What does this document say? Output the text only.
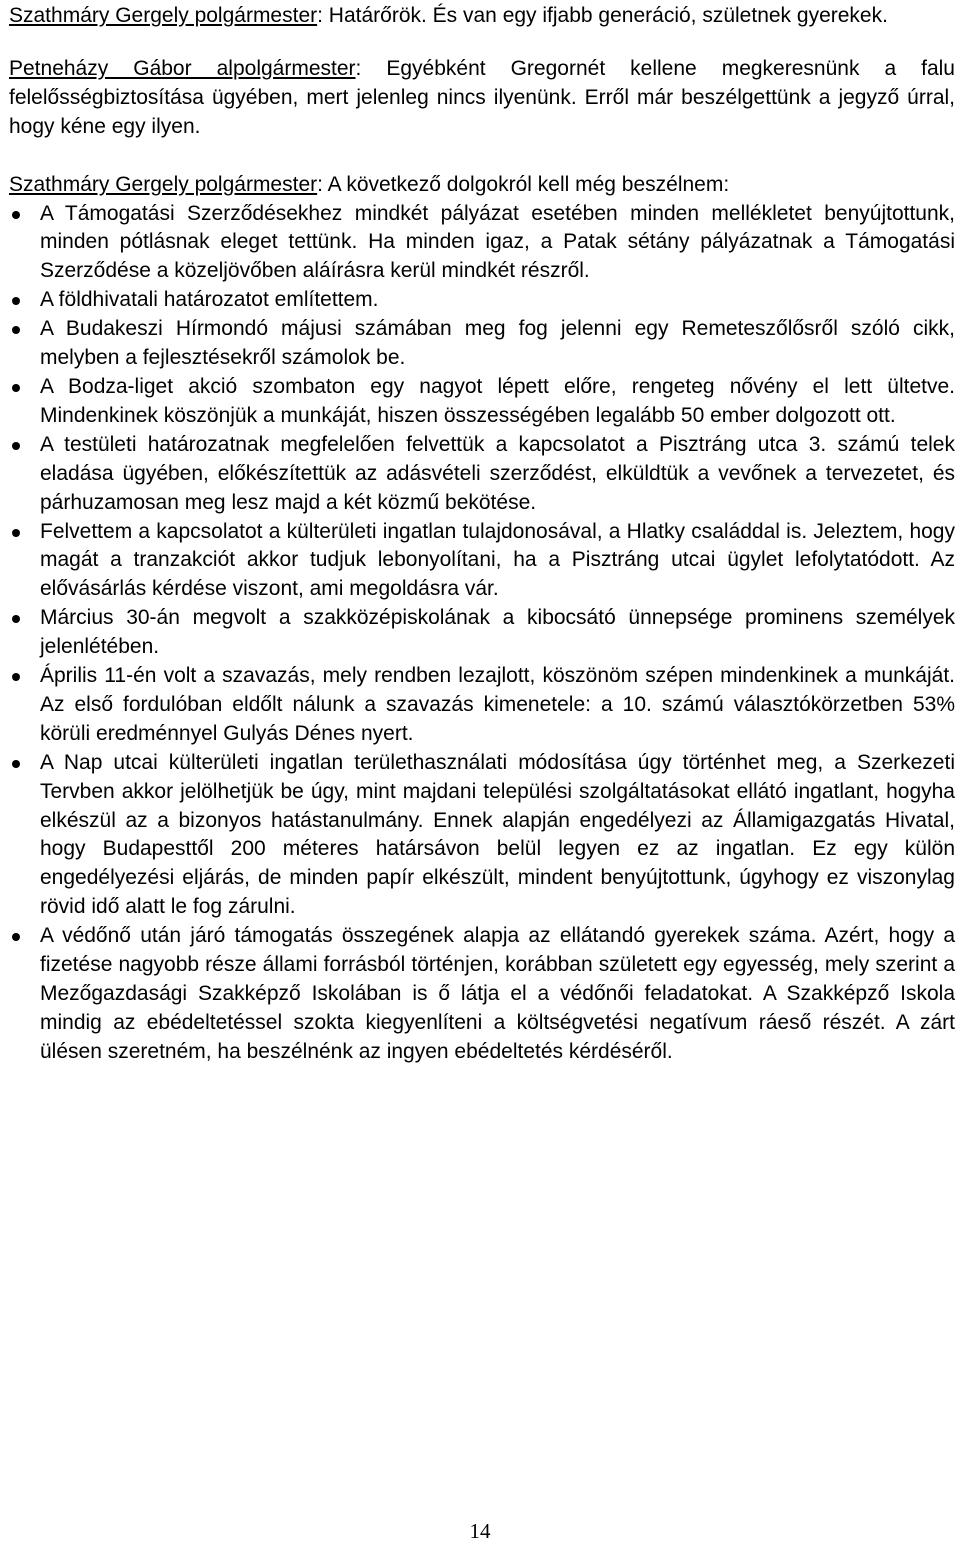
Szathmáry Gergely polgármester: Határőrök. És van egy ifjabb generáció, születnek gyerekek.

Petneházy Gábor alpolgármester: Egyébként Gregornét kellene megkeresnünk a falu felelősségbiztosítása ügyében, mert jelenleg nincs ilyenünk. Erről már beszélgettünk a jegyző úrral, hogy kéne egy ilyen.

Szathmáry Gergely polgármester: A következő dolgokról kell még beszélnem:

A Támogatási Szerződésekhez mindkét pályázat esetében minden mellékletet benyújtottunk, minden pótlásnak eleget tettünk. Ha minden igaz, a Patak sétány pályázatnak a Támogatási Szerződése a közeljövőben aláírásra kerül mindkét részről.
A földhivatali határozatot említettem.
A Budakeszi Hírmondó májusi számában meg fog jelenni egy Remeteszőlősről szóló cikk, melyben a fejlesztésekről számolok be.
A Bodza-liget akció szombaton egy nagyot lépett előre, rengeteg nővény el lett ültetve. Mindenkinek köszönjük a munkáját, hiszen összességében legalább 50 ember dolgozott ott.
A testületi határozatnak megfelelően felvettük a kapcsolatot a Pisztráng utca 3. számú telek eladása ügyében, előkészítettük az adásvételi szerződést, elküldtük a vevőnek a tervezetet, és párhuzamosan meg lesz majd a két közmű bekötése.
Felvettem a kapcsolatot a külterületi ingatlan tulajdonosával, a Hlatky családdal is. Jeleztem, hogy magát a tranzakciót akkor tudjuk lebonyolítani, ha a Pisztráng utcai ügylet lefolytatódott. Az elővásárlás kérdése viszont, ami megoldásra vár.
Március 30-án megvolt a szakközépiskolának a kibocsátó ünnepsége prominens személyek jelenlétében.
Április 11-én volt a szavazás, mely rendben lezajlott, köszönöm szépen mindenkinek a munkáját. Az első fordulóban eldőlt nálunk a szavazás kimenetele: a 10. számú választókörzetben 53% körüli eredménnyel Gulyás Dénes nyert.
A Nap utcai külterületi ingatlan területhasználati módosítása úgy történhet meg, a Szerkezeti Tervben akkor jelölhetjük be úgy, mint majdani települési szolgáltatásokat ellátó ingatlant, hogyha elkészül az a bizonyos hatástanulmány. Ennek alapján engedélyezi az Államigazgatás Hivatal, hogy Budapesttől 200 méteres határsávon belül legyen ez az ingatlan. Ez egy külön engedélyezési eljárás, de minden papír elkészült, mindent benyújtottunk, úgyhogy ez viszonylag rövid idő alatt le fog zárulni.
A védőnő után járó támogatás összegének alapja az ellátandó gyerekek száma. Azért, hogy a fizetése nagyobb része állami forrásból történjen, korábban született egy egyesség, mely szerint a Mezőgazdasági Szakképző Iskolában is ő látja el a védőnői feladatokat. A Szakképző Iskola mindig az ebédeltetéssel szokta kiegyenlíteni a költségvetési negatívum ráeső részét. A zárt ülésen szeretném, ha beszélnénk az ingyen ebédeltetés kérdéséről.
14
